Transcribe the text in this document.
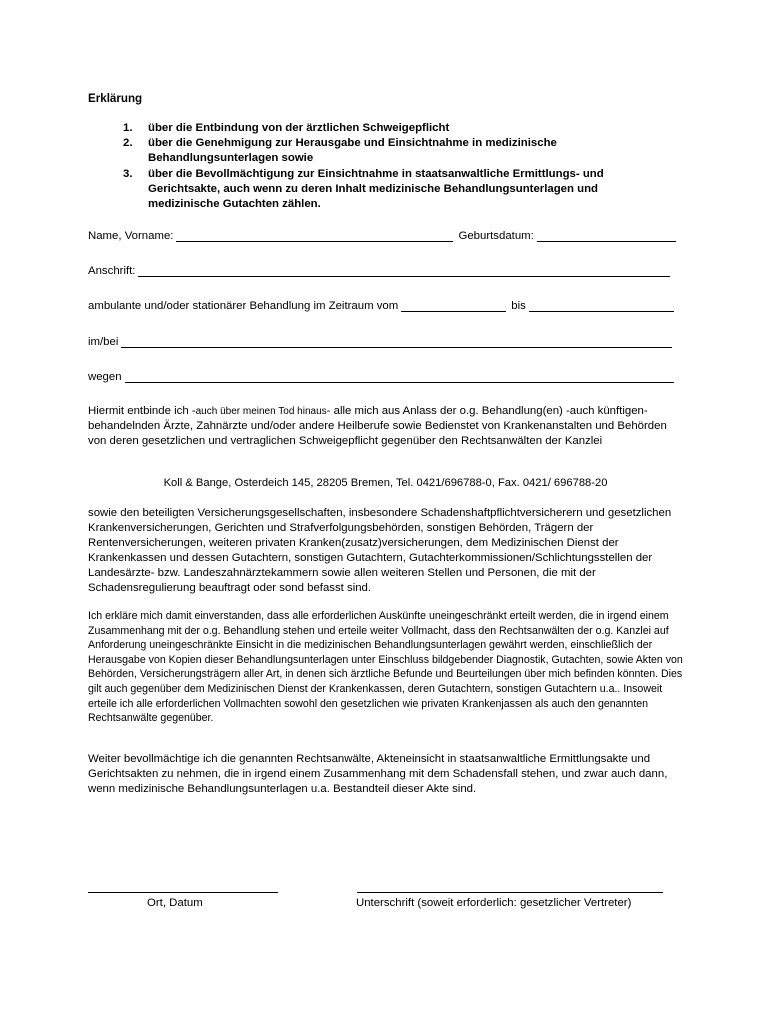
Erklärung
1. über die Entbindung von der ärztlichen Schweigepflicht
2. über die Genehmigung zur Herausgabe und Einsichtnahme in medizinische Behandlungsunterlagen sowie
3. über die Bevollmächtigung zur Einsichtnahme in staatsanwaltliche Ermittlungs- und Gerichtsakte, auch wenn zu deren Inhalt medizinische Behandlungsunterlagen und medizinische Gutachten zählen.
Name, Vorname:	Geburtsdatum:
Anschrift:
ambulante und/oder stationärer Behandlung im Zeitraum vom	bis
im/bei
wegen

Hiermit entbinde ich -auch über meinen Tod hinaus- alle mich aus Anlass der o.g. Behandlung(en) -auch künftigen- behandelnden Ärzte, Zahnärzte und/oder andere Heilberufe sowie Bedienstet von Krankenanstalten und Behörden von deren gesetzlichen und vertraglichen Schweigepflicht gegenüber den Rechtsanwälten der Kanzlei

Koll & Bange, Osterdeich 145, 28205 Bremen, Tel. 0421/696788-0, Fax. 0421/ 696788-20

sowie den beteiligten Versicherungsgesellschaften, insbesondere Schadenshaftpflichtversicherern und gesetzlichen Krankenversicherungen, Gerichten und Strafverfolgungsbehörden, sonstigen Behörden, Trägern der Rentenversicherungen, weiteren privaten Kranken(zusatz)versicherungen, dem Medizinischen Dienst der Krankenkassen und dessen Gutachtern, sonstigen Gutachtern, Gutachterkommissionen/Schlichtungsstellen der Landesärzte- bzw. Landeszahnärztekammern sowie allen weiteren Stellen und Personen, die mit der Schadensregulierung beauftragt oder sond befasst sind.

Ich erkläre mich damit einverstanden, dass alle erforderlichen Auskünfte uneingeschränkt erteilt werden, die in irgend einem Zusammenhang mit der o.g. Behandlung stehen und erteile weiter Vollmacht, dass den Rechtsanwälten der o.g. Kanzlei auf Anforderung uneingeschränkte Einsicht in die medizinischen Behandlungsunterlagen gewährt werden, einschließlich der Herausgabe von Kopien dieser Behandlungsunterlagen unter Einschluss bildgebender Diagnostik, Gutachten, sowie Akten von Behörden, Versicherungsträgern aller Art, in denen sich ärztliche Befunde und Beurteilungen über mich befinden könnten. Dies gilt auch gegenüber dem Medizinischen Dienst der Krankenkassen, deren Gutachtern, sonstigen Gutachtern u.a.. Insoweit erteile ich alle erforderlichen Vollmachten sowohl den gesetzlichen wie privaten Krankenjassen als auch den genannten Rechtsanwälte gegenüber.

Weiter bevollmächtige ich die genannten Rechtsanwälte, Akteneinsicht in staatsanwaltliche Ermittlungsakte und Gerichtsakten zu nehmen, die in irgend einem Zusammenhang mit dem Schadensfall stehen, und zwar auch dann, wenn medizinische Behandlungsunterlagen u.a. Bestandteil dieser Akte sind.

Ort, Datum	Unterschrift (soweit erforderlich: gesetzlicher Vertreter)
